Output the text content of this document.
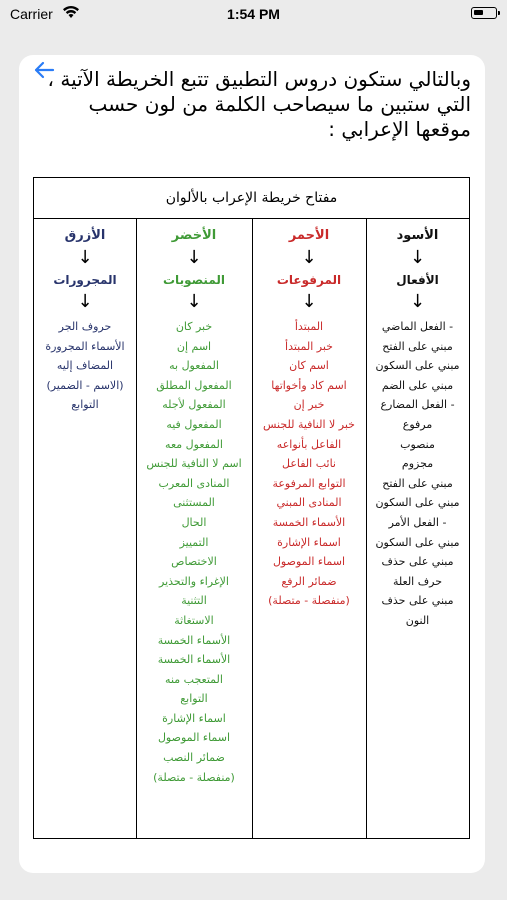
Carrier	1:54 PM
وبالتالي ستكون دروس التطبيق تتبع الخريطة الآتية ، التي ستبين ما سيصاحب الكلمة من لون حسب موقعها الإعرابي :
مفتاح خريطة الإعراب بالألوان
الأزرق
↓
المجرورات
↓
حروف الجر
الأسماء المجرورة
المضاف إليه
(الاسم - الضمير)
التوابع
الأخضر
↓
المنصوبات
↓
خبر كان
اسم إن
المفعول به
المفعول المطلق
المفعول لأجله
المفعول فيه
المفعول معه
اسم لا النافية للجنس
المنادى المعرب
المستثنى
الحال
التمييز
الاختصاص
الإغراء والتحذير
التثنية
الاستغاثة
الأسماء الخمسة
الأسماء الخمسة
المتعجب منه
التوابع
اسماء الإشارة
اسماء الموصول
ضمائر النصب
(منفصلة - متصلة)
الأحمر
↓
المرفوعات
↓
المبتدأ
خبر المبتدأ
اسم كان
اسم كاد وأخواتها
خبر إن
خبر لا النافية للجنس
الفاعل بأنواعه
نائب الفاعل
التوابع المرفوعة
المنادى المبني
الأسماء الخمسة
اسماء الإشارة
اسماء الموصول
ضمائر الرفع
(منفصلة - متصلة)
الأسود
↓
الأفعال
↓
- الفعل الماضي
مبني على الفتح
مبني على السكون
مبني على الضم
- الفعل المضارع
مرفوع
منصوب
مجزوم
مبني على الفتح
مبني على السكون
- الفعل الأمر
مبني على السكون
مبني على حذف
حرف العلة
مبني على حذف
النون
